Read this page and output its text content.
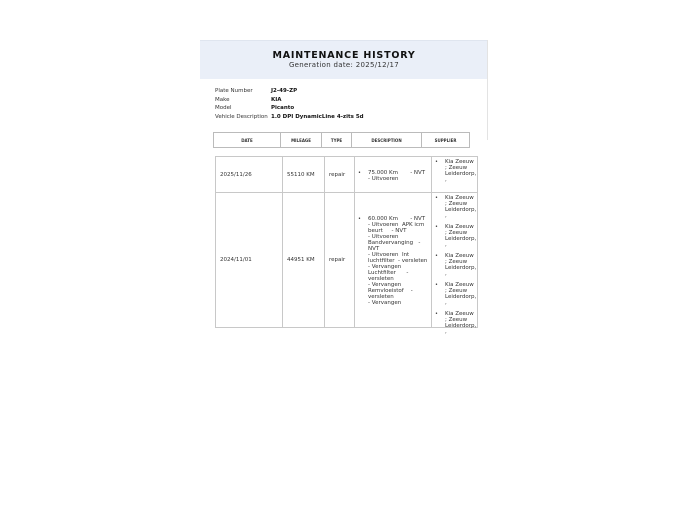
MAINTENANCE HISTORY
Generation date: 2025/12/17
Plate Number	J2-49-ZP
Make	KIA
Model	Picanto
Vehicle Description 1.0 DPI DynamicLine 4-zits 5d
DATE	MILEAGE	TYPE	DESCRIPTION	SUPPLIER
2025/11/26	55110 KM	repair
•	75.000 Km       - NVT
- Uitvoeren
• Kia Zeeuw
; Zeeuw
Leiderdorp,
,
2024/11/01	44951 KM	repair
• 60.000 Km       - NVT
- Uitvoeren  APK icm
beurt     - NVT
- Uitvoeren
Bandvervanging   -
NVT
- Uitvoeren  Int
luchtfilter  - versleten
- Vervangen
Luchtfilter      -
versleten
- Vervangen
Remvloeistof    -
versleten
- Vervangen
• Kia Zeeuw
; Zeeuw
Leiderdorp,
,
• Kia Zeeuw
; Zeeuw
Leiderdorp,
,
• Kia Zeeuw
; Zeeuw
Leiderdorp,
,
• Kia Zeeuw
; Zeeuw
Leiderdorp,
,
• Kia Zeeuw
; Zeeuw
Leiderdorp,
,
